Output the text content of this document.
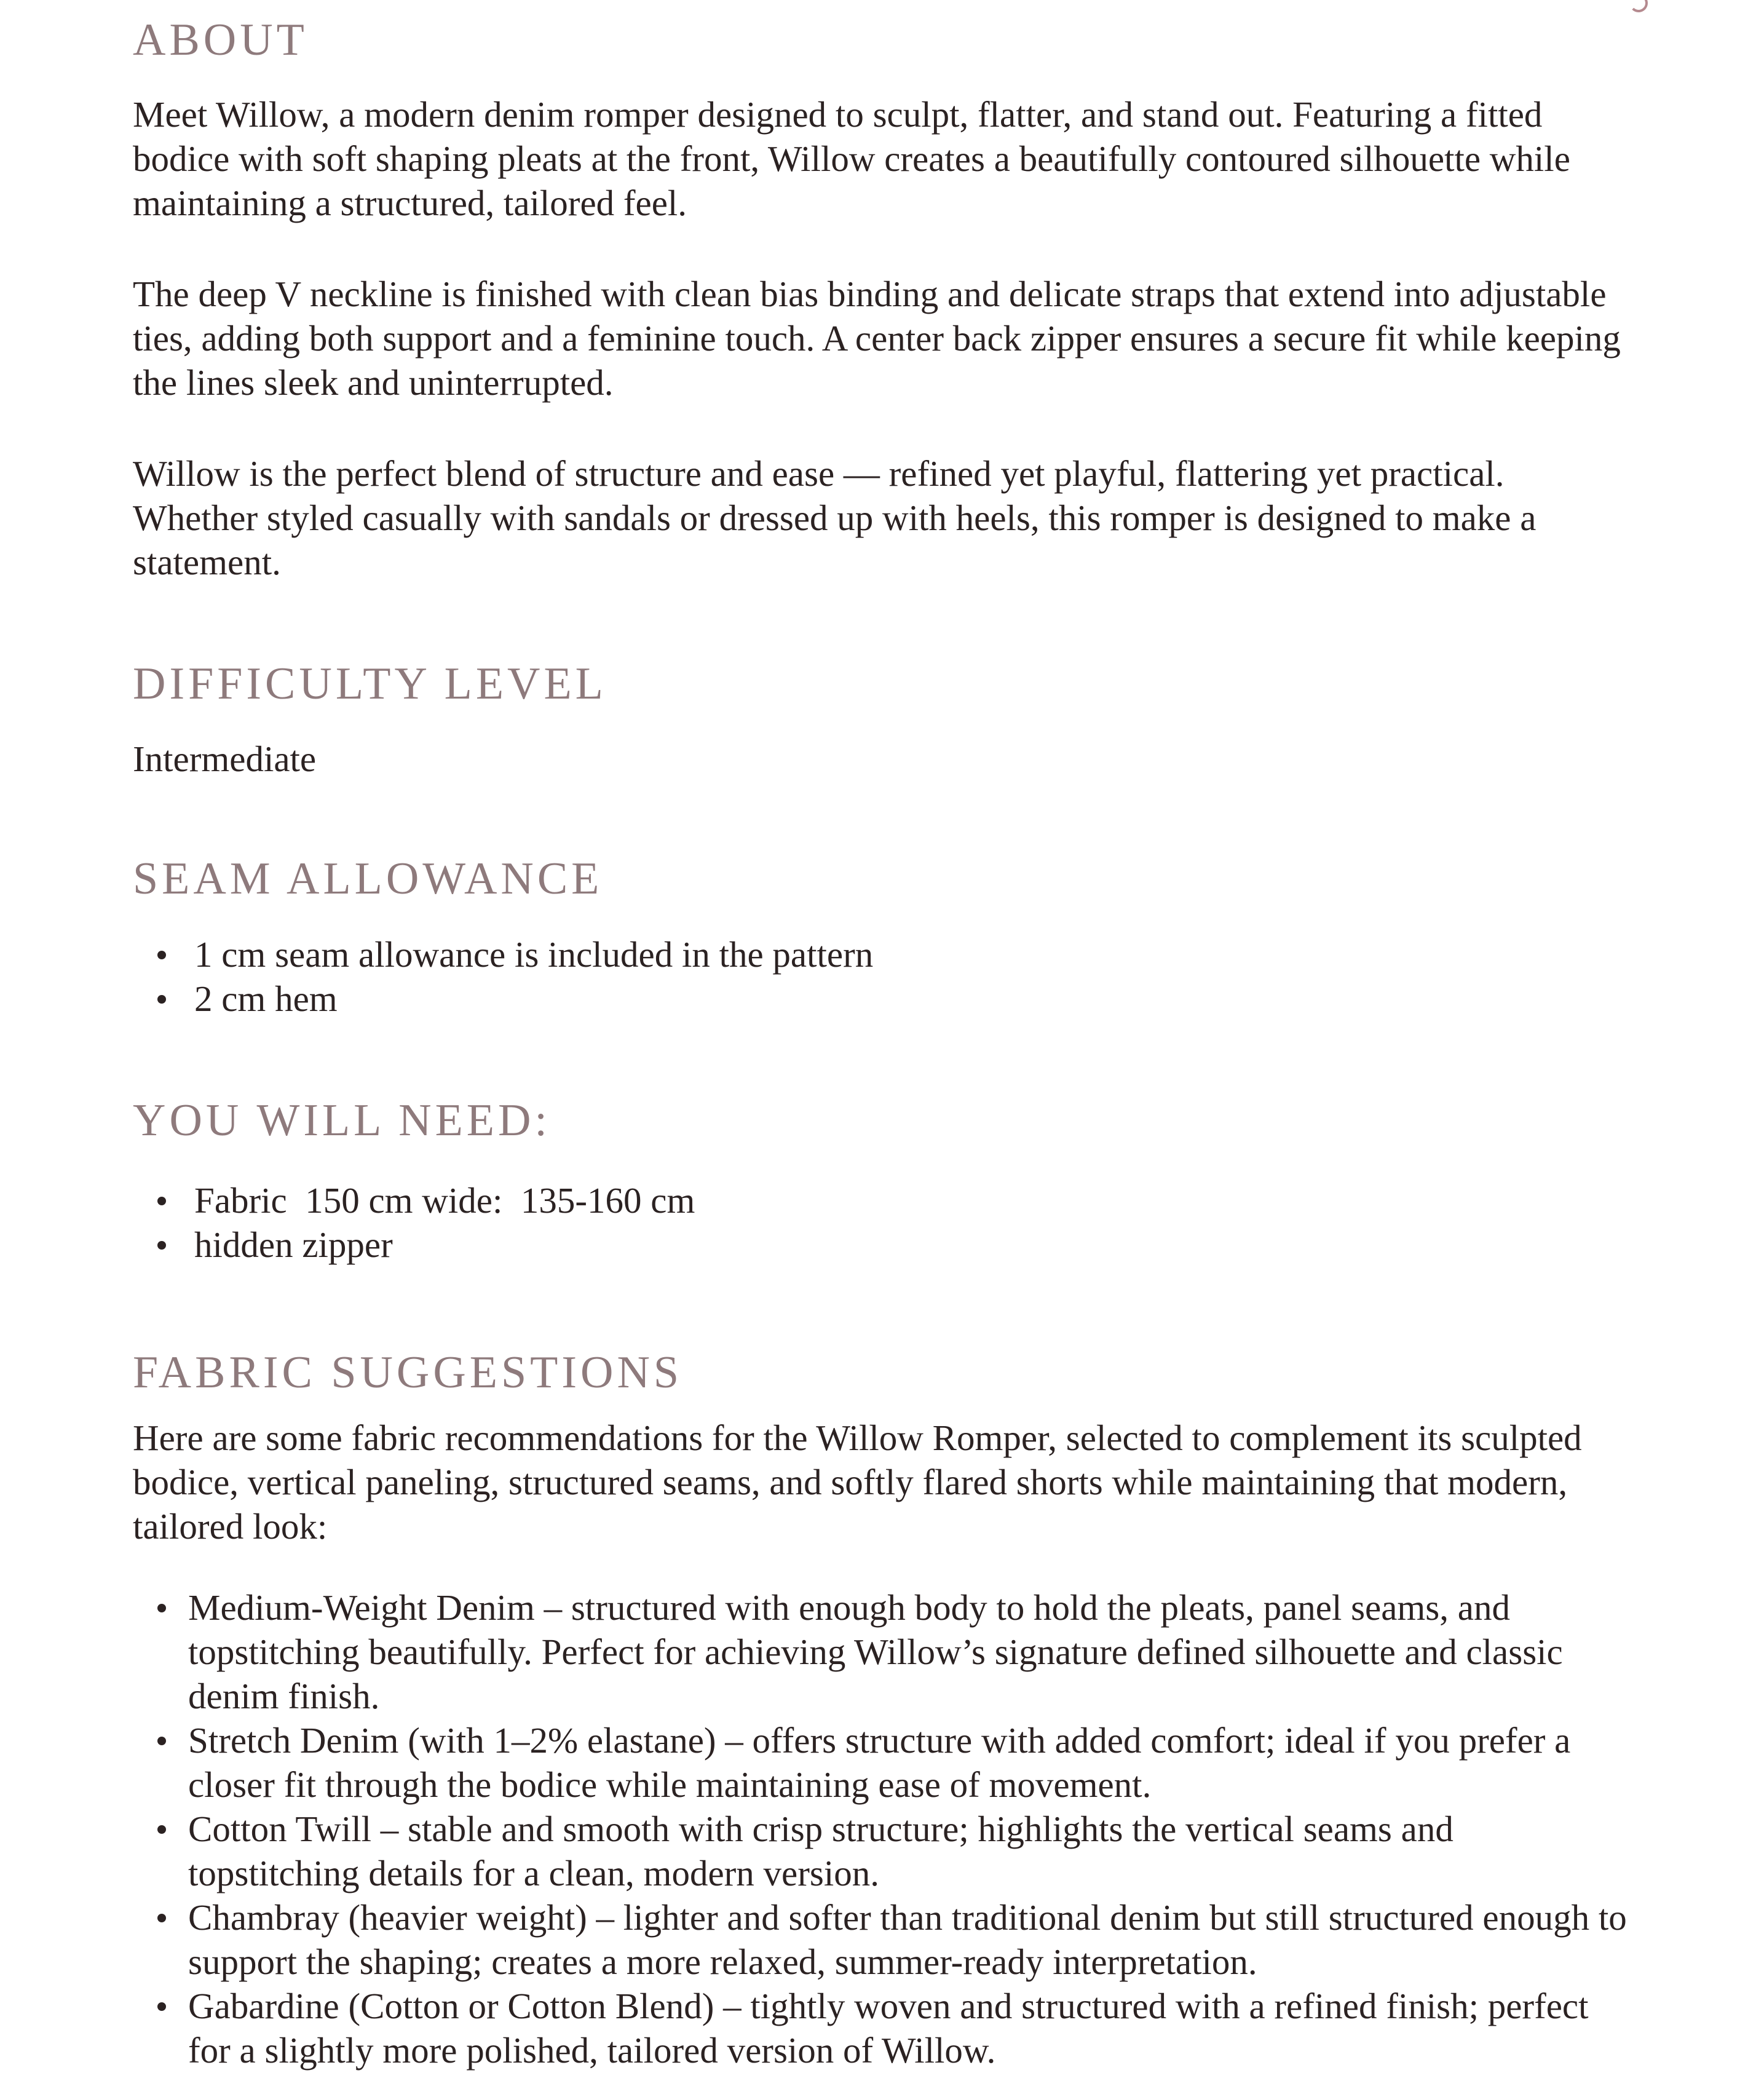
ABOUT

Meet Willow, a modern denim romper designed to sculpt, flatter, and stand out. Featuring a fitted bodice with soft shaping pleats at the front, Willow creates a beautifully contoured silhouette while maintaining a structured, tailored feel.

The deep V neckline is finished with clean bias binding and delicate straps that extend into adjustable ties, adding both support and a feminine touch. A center back zipper ensures a secure fit while keeping the lines sleek and uninterrupted.

Willow is the perfect blend of structure and ease — refined yet playful, flattering yet practical. Whether styled casually with sandals or dressed up with heels, this romper is designed to make a statement.

DIFFICULTY LEVEL

Intermediate

SEAM ALLOWANCE
1 cm seam allowance is included in the pattern
2 cm hem
YOU WILL NEED:
Fabric  150 cm wide:  135-160 cm
hidden zipper
FABRIC SUGGESTIONS

Here are some fabric recommendations for the Willow Romper, selected to complement its sculpted bodice, vertical paneling, structured seams, and softly flared shorts while maintaining that modern, tailored look:

Medium-Weight Denim – structured with enough body to hold the pleats, panel seams, and topstitching beautifully. Perfect for achieving Willow’s signature defined silhouette and classic denim finish.
Stretch Denim (with 1–2% elastane) – offers structure with added comfort; ideal if you prefer a closer fit through the bodice while maintaining ease of movement.
Cotton Twill – stable and smooth with crisp structure; highlights the vertical seams and topstitching details for a clean, modern version.
Chambray (heavier weight) – lighter and softer than traditional denim but still structured enough to support the shaping; creates a more relaxed, summer-ready interpretation.
Gabardine (Cotton or Cotton Blend) – tightly woven and structured with a refined finish; perfect for a slightly more polished, tailored version of Willow.
